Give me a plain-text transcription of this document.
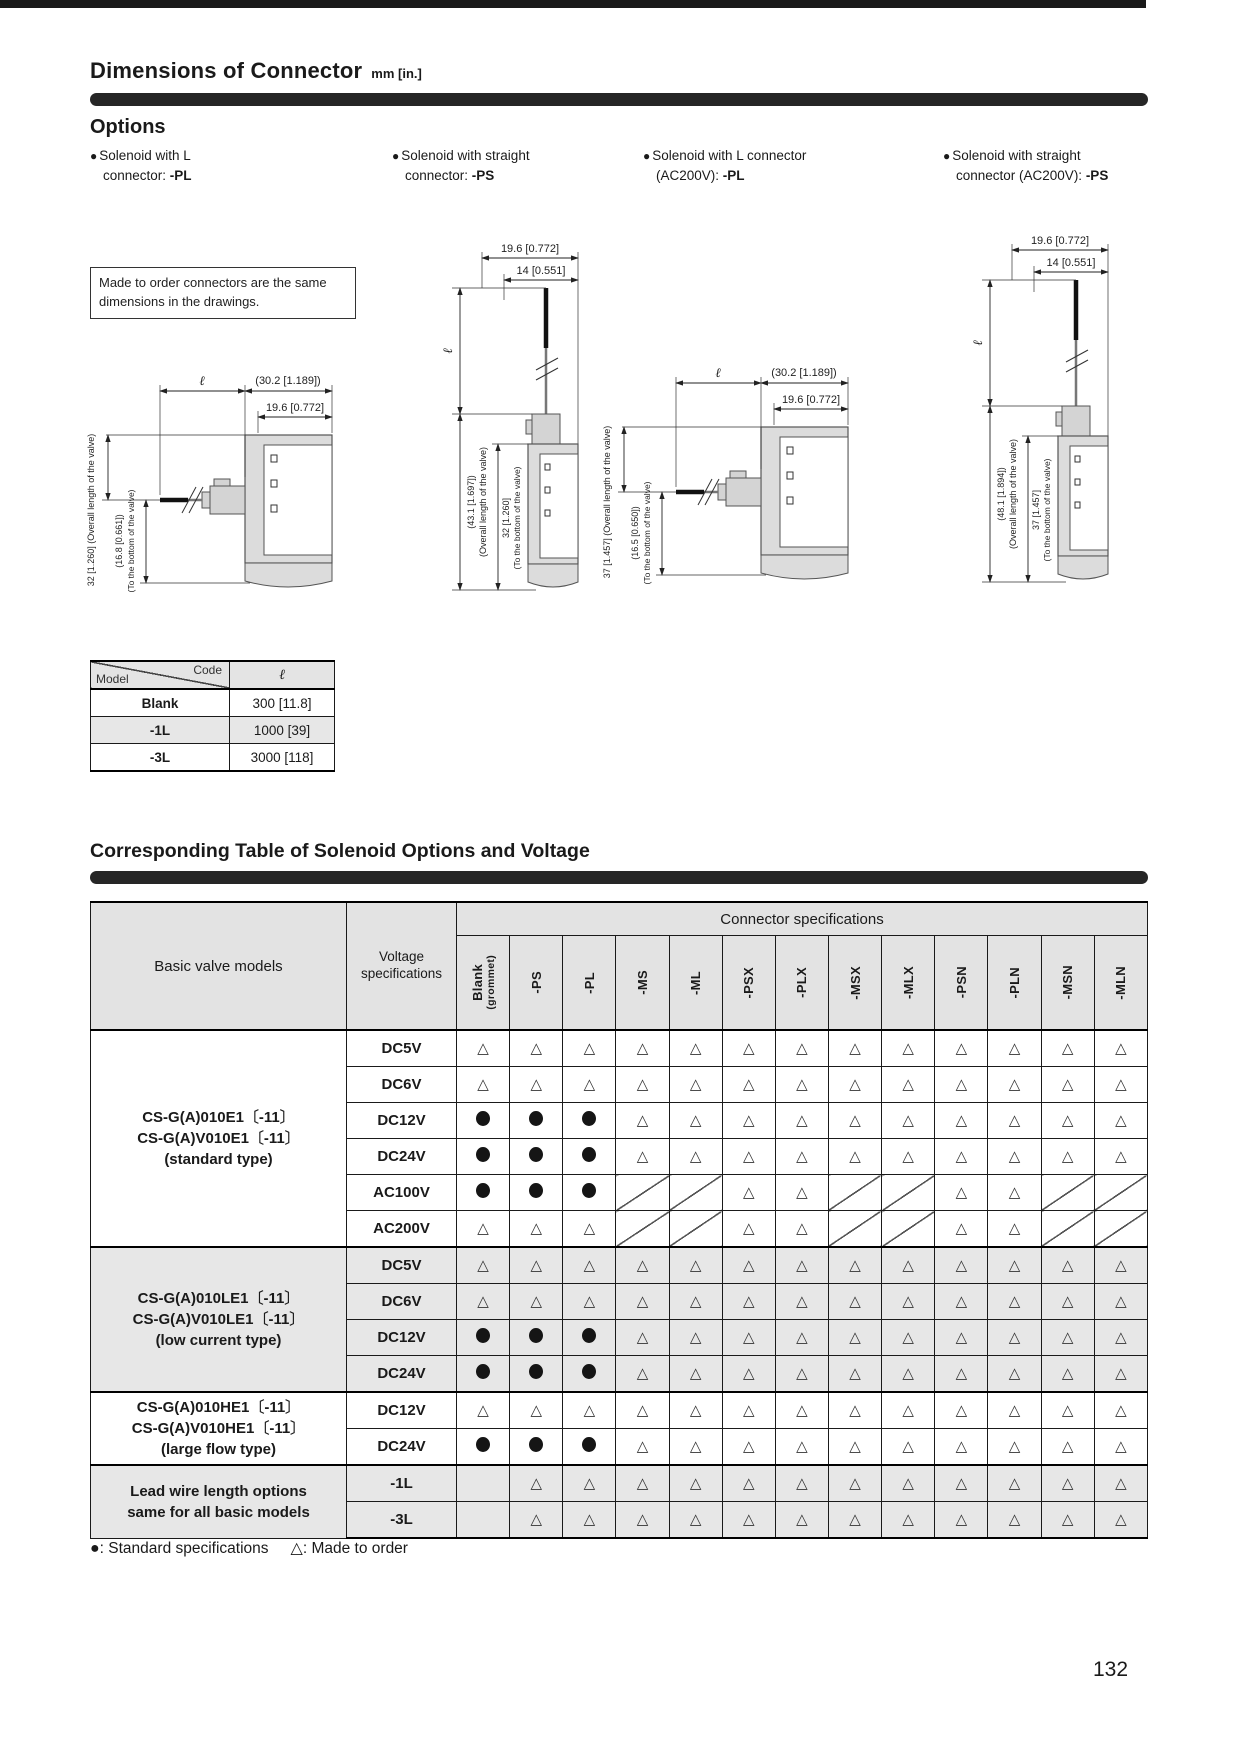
Dimensions of Connector mm [in.]
Options
● Solenoid with L
connector: -PL
● Solenoid with straight
connector: -PS
● Solenoid with L connector
(AC200V): -PL
● Solenoid with straight
connector (AC200V): -PS
Made to order connectors are the same dimensions in the drawings.
ℓ	(30.2 [1.189])
19.6 [0.772]
32 [1.260] (Overall length of the valve) (16.8 [0.661]) (To the bottom of the valve)
19.6 [0.772]
14 [0.551]
ℓ
(43.1 [1.697]) (Overall length of the valve) 32 [1.260] (To the bottom of the valve)
ℓ	(30.2 [1.189])
19.6 [0.772]
37 [1.457] (Overall length of the valve) (16.5 [0.650]) (To the bottom of the valve)
19.6 [0.772]
14 [0.551]
ℓ
(48.1 [1.894]) (Overall length of the valve) 37 [1.457] (To the bottom of the valve)
Model
Code	ℓ
Blank	300 [11.8]
-1L	1000 [39]
-3L	3000 [118]
Corresponding Table of Solenoid Options and Voltage
Basic valve models	Voltage
specifications	Connector specifications												

		Blank (grommet)	-PS	-PL	-MS	-ML	-PSX	-PLX	-MSX	-MLX	-PSN	-PLN	-MSN	-MLN

CS-G(A)010E1〔-11〕
CS-G(A)V010E1〔-11〕
(standard type)	DC5V	△	△	△	△	△	△	△	△	△	△	△	△	△
	DC6V	△	△	△	△	△	△	△	△	△	△	△	△	△
	DC12V				△	△	△	△	△	△	△	△	△	△
	DC24V				△	△	△	△	△	△	△	△	△	△
	AC100V						△	△			△	△		
	AC200V	△	△	△			△	△			△	△		

CS-G(A)010LE1〔-11〕
CS-G(A)V010LE1〔-11〕
(low current type)	DC5V	△	△	△	△	△	△	△	△	△	△	△	△	△
	DC6V	△	△	△	△	△	△	△	△	△	△	△	△	△
	DC12V				△	△	△	△	△	△	△	△	△	△
	DC24V				△	△	△	△	△	△	△	△	△	△

CS-G(A)010HE1〔-11〕
CS-G(A)V010HE1〔-11〕
(large flow type)	DC12V	△	△	△	△	△	△	△	△	△	△	△	△	△
	DC24V				△	△	△	△	△	△	△	△	△	△

Lead wire length options
same for all basic models	-1L		△	△	△	△	△	△	△	△	△	△	△	△
	-3L		△	△	△	△	△	△	△	△	△	△	△	△
●: Standard specifications △: Made to order
132
